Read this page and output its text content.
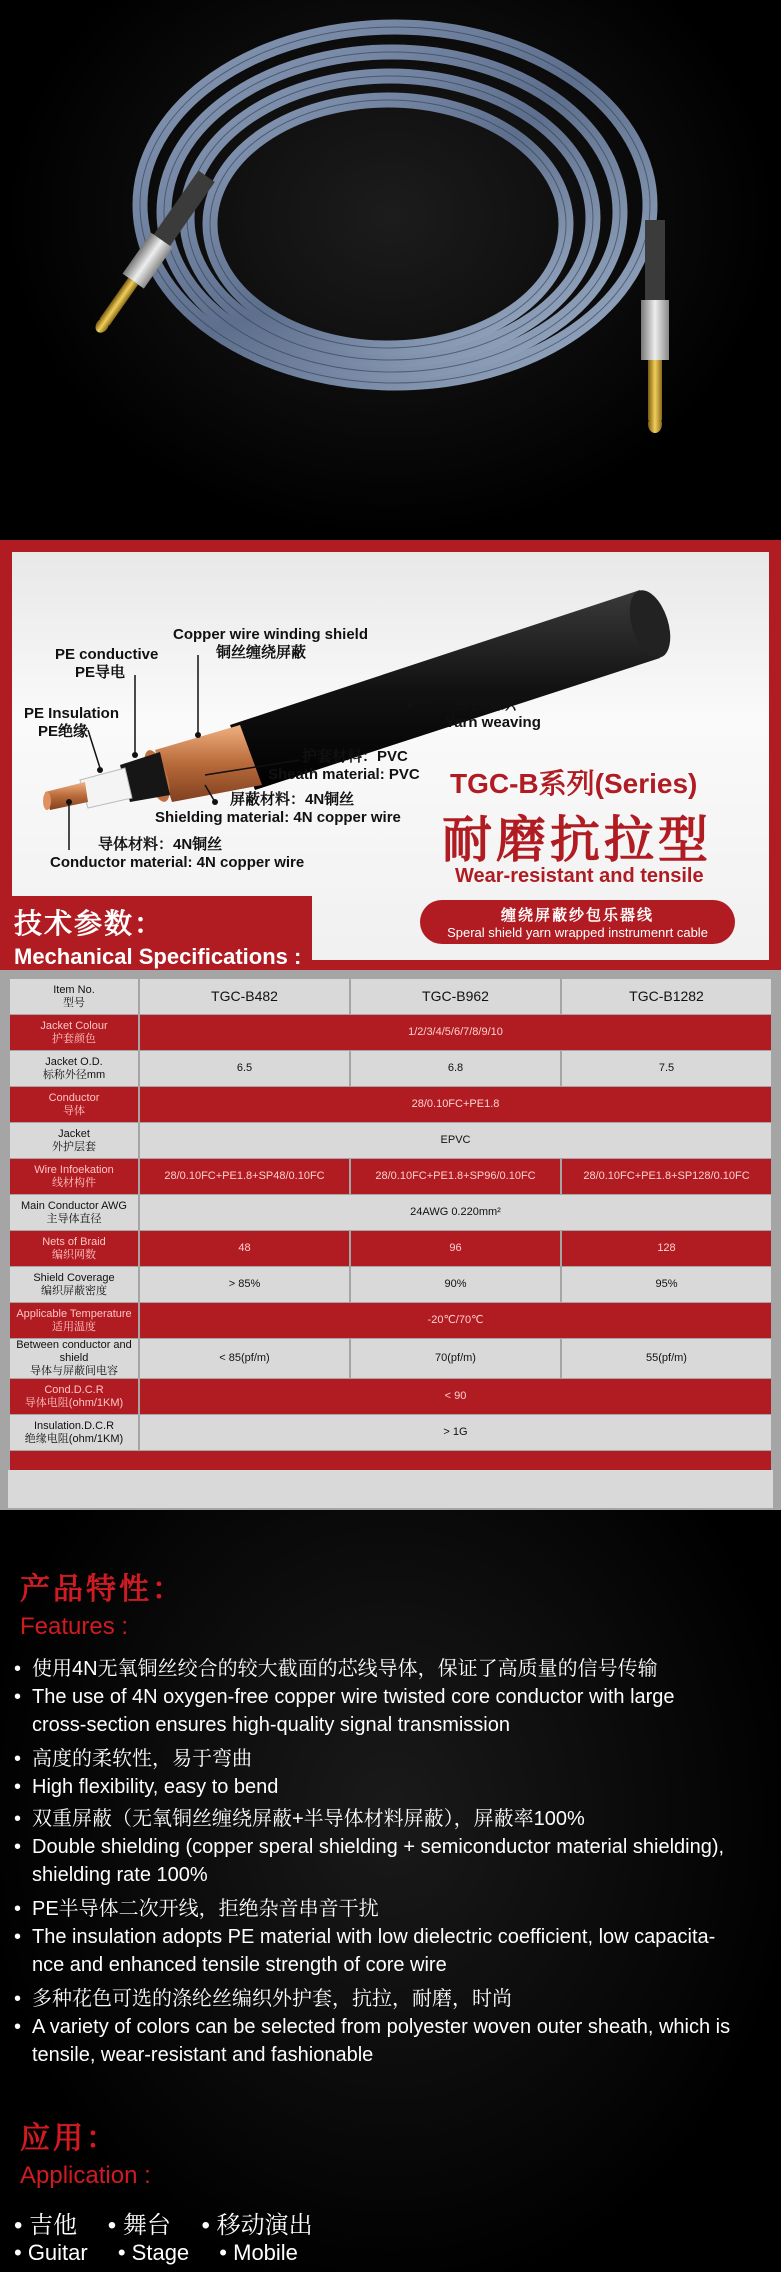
Copper wire winding shield
铜丝缠绕屏蔽
PE conductive
PE导电
PE Insulation
PE绝缘
纱线编织
Yarn weaving
护套材料：PVC
Sheath material: PVC
屏蔽材料：4N铜丝
Shielding material: 4N copper wire
导体材料：4N铜丝
Conductor material: 4N copper wire
TGC-B系列(Series)
耐磨抗拉型
Wear-resistant and tensile
技术参数：
Mechanical Specifications :
缠绕屏蔽纱包乐器线
Speral shield yarn wrapped instrumenrt cable
Item No.
型号	TGC-B482	TGC-B962	TGC-B1282

Jacket Colour
护套颜色	1/2/3/4/5/6/7/8/9/10		

Jacket O.D.
标称外径mm	6.5	6.8	7.5

Conductor
导体	28/0.10FC+PE1.8		

Jacket
外护层套	EPVC		

Wire Infoekation
线材构件	28/0.10FC+PE1.8+SP48/0.10FC	28/0.10FC+PE1.8+SP96/0.10FC	28/0.10FC+PE1.8+SP128/0.10FC

Main Conductor AWG
主导体直径	24AWG 0.220mm²		

Nets of Braid
编织网数	48	96	128

Shield Coverage
编织屏蔽密度	> 85%	90%	95%

Applicable Temperature
适用温度	-20℃/70℃		

Between conductor and shield
导体与屏蔽间电容	< 85(pf/m)	70(pf/m)	55(pf/m)

Cond.D.C.R
导体电阻(ohm/1KM)	< 90		

Insulation.D.C.R
绝缘电阻(ohm/1KM)	> 1G		

产品特性：
Features :
• 使用4N无氧铜丝绞合的较大截面的芯线导体，保证了高质量的信号传输
• The use of 4N oxygen-free copper wire twisted core conductor with large
cross-section ensures high-quality signal transmission
• 高度的柔软性，易于弯曲
• High flexibility, easy to bend
• 双重屏蔽（无氧铜丝缠绕屏蔽+半导体材料屏蔽），屏蔽率100%
• Double shielding (copper speral shielding + semiconductor material shielding),
shielding rate 100%
• PE半导体二次开线，拒绝杂音串音干扰
• The insulation adopts PE material with low dielectric coefficient, low capacita-
nce and enhanced tensile strength of core wire
• 多种花色可选的涤纶丝编织外护套，抗拉，耐磨，时尚
• A variety of colors can be selected from polyester woven outer sheath, which is
tensile, wear-resistant and fashionable
应用：
Application :
• 吉他 • 舞台 • 移动演出
• Guitar • Stage • Mobile
